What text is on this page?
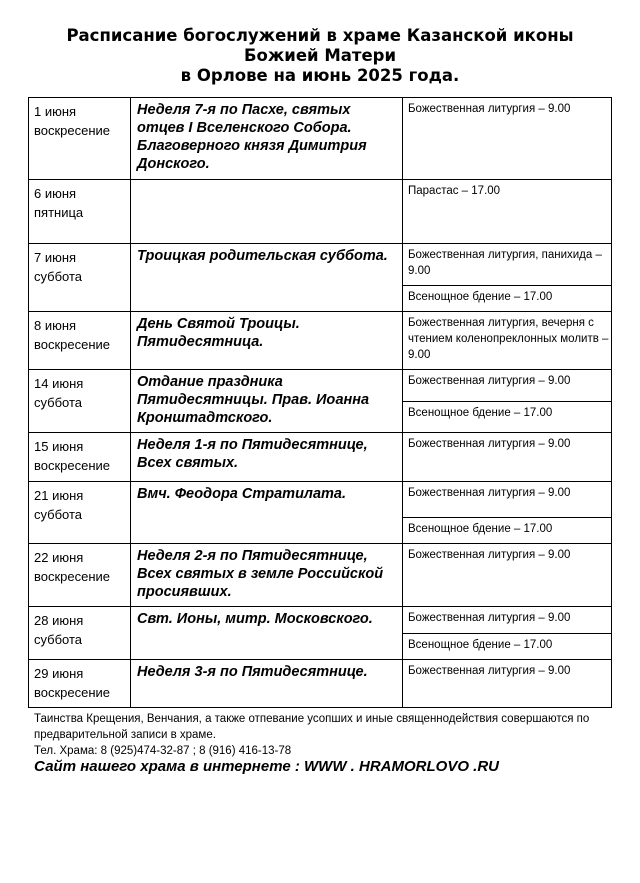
Расписание богослужений в храме Казанской иконы
Божией Матери
в Орлове на июнь 2025 года.
1 июня
воскресение	Неделя 7-я по Пасхе, святых отцев I Вселенского Собора. Благоверного князя Димитрия Донского.	Божественная литургия – 9.00

6 июня
пятница		Парастас – 17.00

7 июня
суббота	Троицкая родительская суббота.	Божественная литургия, панихида – 9.00
		Всенощное бдение – 17.00

8 июня
воскресение	День Святой Троицы. Пятидесятница.	Божественная литургия, вечерня с чтением коленопреклонных молитв – 9.00

14 июня
суббота	Отдание праздника Пятидесятницы. Прав. Иоанна Кронштадтского.	Божественная литургия – 9.00
		Всенощное бдение – 17.00

15 июня
воскресение	Неделя 1-я по Пятидесятнице, Всех святых.	Божественная литургия – 9.00

21 июня
суббота	Вмч. Феодора Стратилата.	Божественная литургия – 9.00
		Всенощное бдение – 17.00

22 июня
воскресение	Неделя 2-я по Пятидесятнице, Всех святых в земле Российской просиявших.	Божественная литургия – 9.00

28 июня
суббота	Свт. Ионы, митр. Московского.	Божественная литургия – 9.00
		Всенощное бдение – 17.00

29 июня
воскресение	Неделя 3-я по Пятидесятнице.	Божественная литургия – 9.00
Таинства Крещения, Венчания, а также отпевание усопших и иные священнодействия совершаются по предварительной записи в храме.
Тел. Храма: 8 (925)474-32-87 ; 8 (916) 416-13-78
Сайт нашего храма в интернете : WWW . HRAMORLOVO .RU
